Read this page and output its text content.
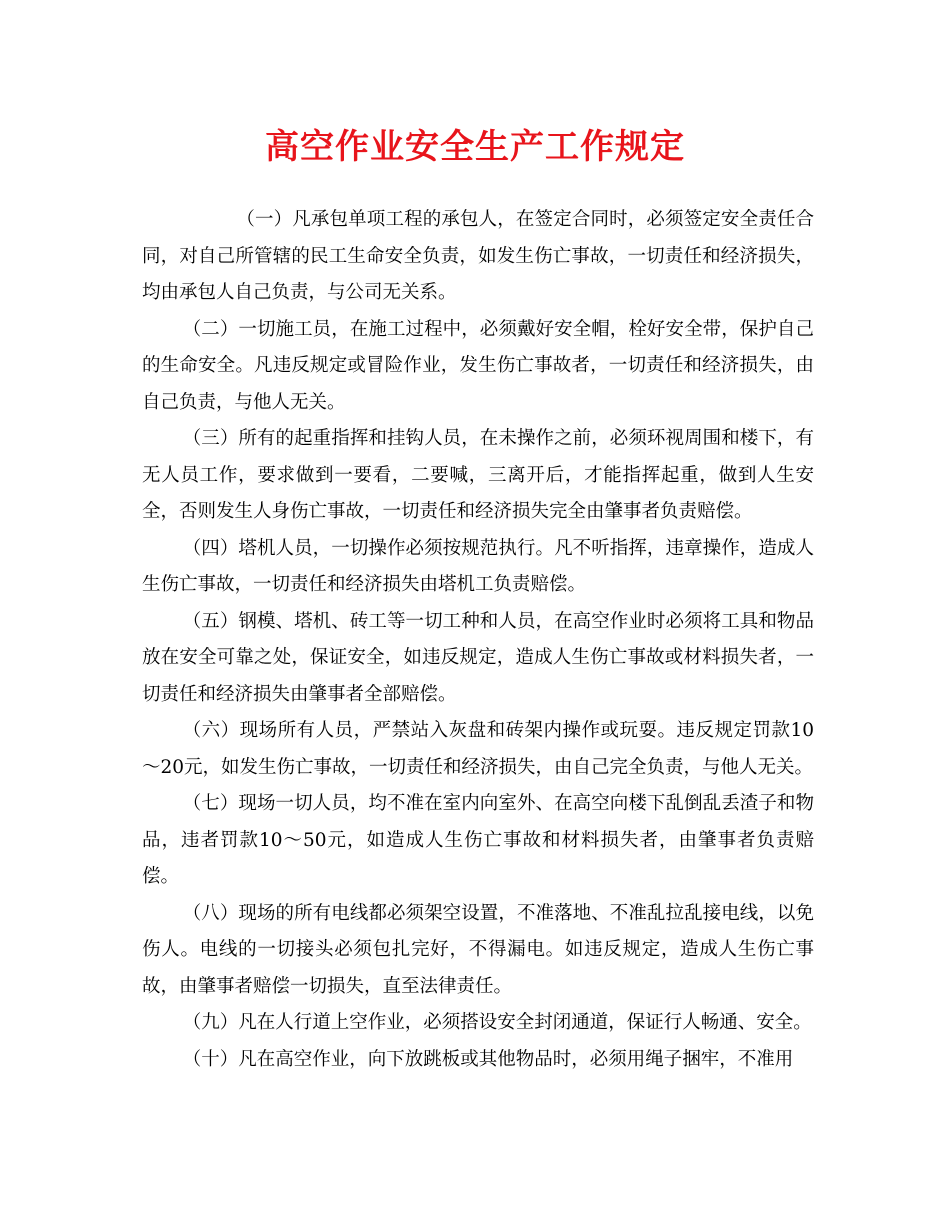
高空作业安全生产工作规定

（一）凡承包单项工程的承包人，在签定合同时，必须签定安全责任合同，对自己所管辖的民工生命安全负责，如发生伤亡事故，一切责任和经济损失，均由承包人自己负责，与公司无关系。

（二）一切施工员，在施工过程中，必须戴好安全帽，栓好安全带，保护自己的生命安全。凡违反规定或冒险作业，发生伤亡事故者，一切责任和经济损失，由自己负责，与他人无关。

（三）所有的起重指挥和挂钩人员，在未操作之前，必须环视周围和楼下，有无人员工作，要求做到一要看，二要喊，三离开后，才能指挥起重，做到人生安全，否则发生人身伤亡事故，一切责任和经济损失完全由肇事者负责赔偿。

（四）塔机人员，一切操作必须按规范执行。凡不听指挥，违章操作，造成人生伤亡事故，一切责任和经济损失由塔机工负责赔偿。

（五）钢模、塔机、砖工等一切工种和人员，在高空作业时必须将工具和物品放在安全可靠之处，保证安全，如违反规定，造成人生伤亡事故或材料损失者，一切责任和经济损失由肇事者全部赔偿。

（六）现场所有人员，严禁站入灰盘和砖架内操作或玩耍。违反规定罚款10～20元，如发生伤亡事故，一切责任和经济损失，由自己完全负责，与他人无关。

（七）现场一切人员，均不准在室内向室外、在高空向楼下乱倒乱丢渣子和物品，违者罚款10～50元，如造成人生伤亡事故和材料损失者，由肇事者负责赔偿。

（八）现场的所有电线都必须架空设置，不准落地、不准乱拉乱接电线，以免伤人。电线的一切接头必须包扎完好，不得漏电。如违反规定，造成人生伤亡事故，由肇事者赔偿一切损失，直至法律责任。

（九）凡在人行道上空作业，必须搭设安全封闭通道，保证行人畅通、安全。

（十）凡在高空作业，向下放跳板或其他物品时，必须用绳子捆牢，不准用
